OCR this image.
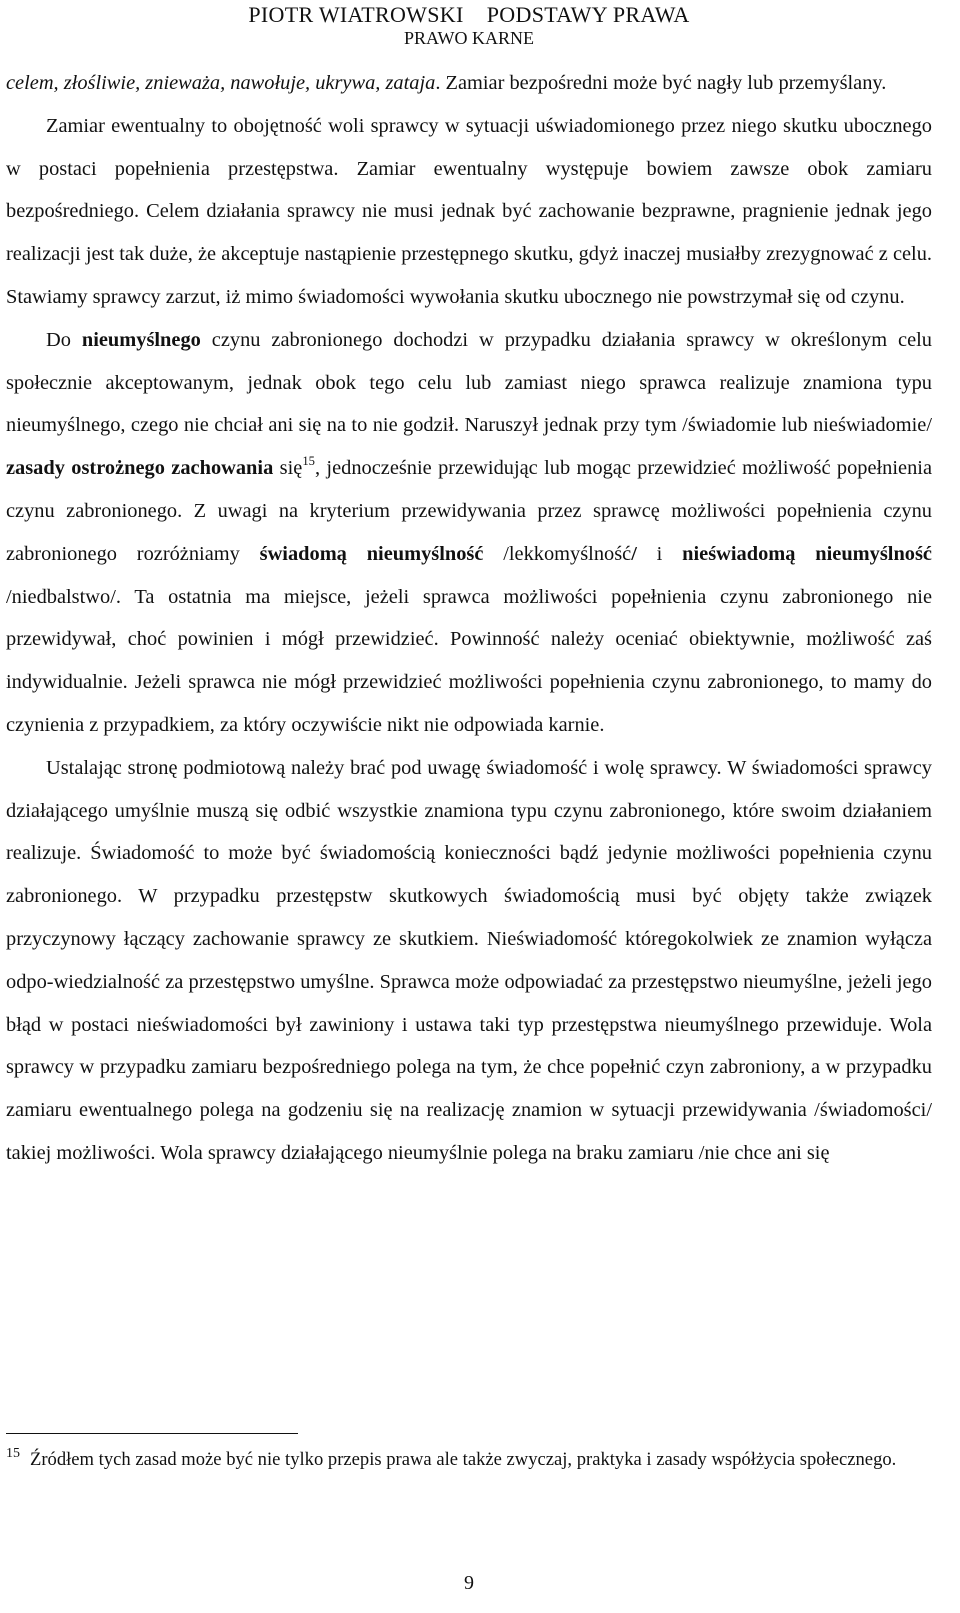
PIOTR WIATROWSKI    PODSTAWY PRAWA
PRAWO KARNE

celem, złośliwie, znieważa, nawołuje, ukrywa, zataja. Zamiar bezpośredni może być nagły lub przemyślany.

Zamiar ewentualny to obojętność woli sprawcy w sytuacji uświadomionego przez niego skutku ubocznego w postaci popełnienia przestępstwa. Zamiar ewentualny występuje bowiem zawsze obok zamiaru bezpośredniego. Celem działania sprawcy nie musi jednak być zachowanie bezprawne, pragnienie jednak jego realizacji jest tak duże, że akceptuje nastąpienie przestępnego skutku, gdyż inaczej musiałby zrezygnować z celu. Stawiamy sprawcy zarzut, iż mimo świadomości wywołania skutku ubocznego nie powstrzymał się od czynu.

Do nieumyślnego czynu zabronionego dochodzi w przypadku działania sprawcy w określonym celu społecznie akceptowanym, jednak obok tego celu lub zamiast niego sprawca realizuje znamiona typu nieumyślnego, czego nie chciał ani się na to nie godził. Naruszył jednak przy tym /świadomie lub nieświadomie/ zasady ostrożnego zachowania się$^{15}$, jednocześnie przewidując lub mogąc przewidzieć możliwość popełnienia czynu zabronionego. Z uwagi na kryterium przewidywania przez sprawcę możliwości popełnienia czynu zabronionego rozróżniamy świadomą nieumyślność /lekkomyślność/ i nieświadomą nieumyślność /niedbalstwo/. Ta ostatnia ma miejsce, jeżeli sprawca możliwości popełnienia czynu zabronionego nie przewidywał, choć powinien i mógł przewidzieć. Powinność należy oceniać obiektywnie, możliwość zaś indywidualnie. Jeżeli sprawca nie mógł przewidzieć możliwości popełnienia czynu zabronionego, to mamy do czynienia z przypadkiem, za który oczywiście nikt nie odpowiada karnie.

Ustalając stronę podmiotową należy brać pod uwagę świadomość i wolę sprawcy. W świadomości sprawcy działającego umyślnie muszą się odbić wszystkie znamiona typu czynu zabronionego, które swoim działaniem realizuje. Świadomość to może być świadomością konieczności bądź jedynie możliwości popełnienia czynu zabronionego. W przypadku przestępstw skutkowych świadomością musi być objęty także związek przyczynowy łączący zachowanie sprawcy ze skutkiem. Nieświadomość któregokolwiek ze znamion wyłącza odpo-wiedzialność za przestępstwo umyślne. Sprawca może odpowiadać za przestępstwo nieumyślne, jeżeli jego błąd w postaci nieświadomości był zawiniony i ustawa taki typ przestępstwa nieumyślnego przewiduje. Wola sprawcy w przypadku zamiaru bezpośredniego polega na tym, że chce popełnić czyn zabroniony, a w przypadku zamiaru ewentualnego polega na godzeniu się na realizację znamion w sytuacji przewidywania /świadomości/ takiej możliwości. Wola sprawcy działającego nieumyślnie polega na braku zamiaru /nie chce ani się

$^{15}$ Źródłem tych zasad może być nie tylko przepis prawa ale także zwyczaj, praktyka i zasady współżycia społecznego.
9
